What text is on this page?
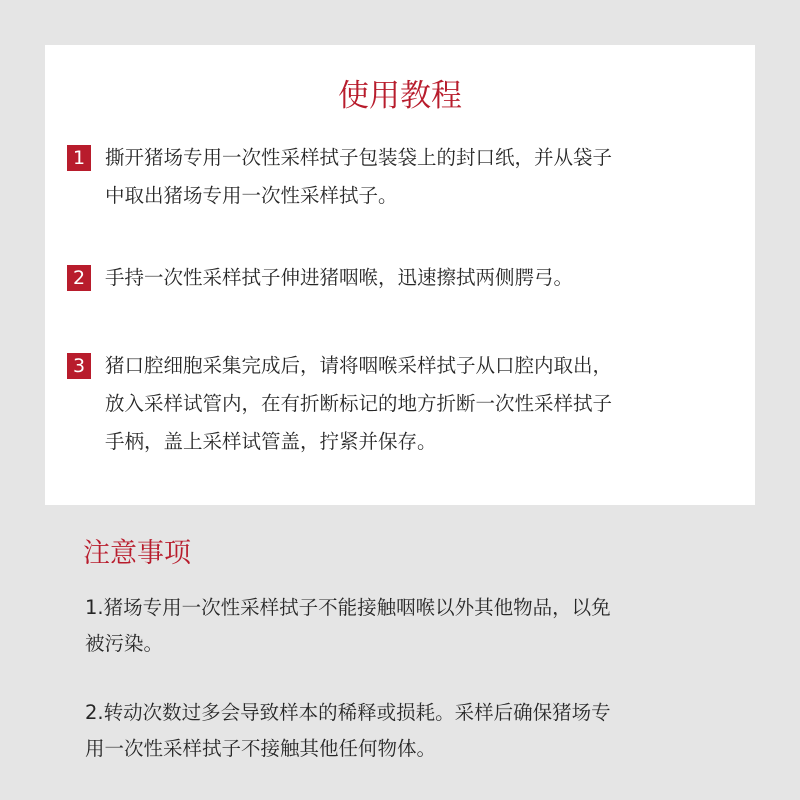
使用教程
1	撕开猪场专用一次性采样拭子包装袋上的封口纸，并从袋子
中取出猪场专用一次性采样拭子。
2	手持一次性采样拭子伸进猪咽喉，迅速擦拭两侧腭弓。
3	猪口腔细胞采集完成后，请将咽喉采样拭子从口腔内取出，
放入采样试管内，在有折断标记的地方折断一次性采样拭子
手柄，盖上采样试管盖，拧紧并保存。
注意事项
1.猪场专用一次性采样拭子不能接触咽喉以外其他物品，以免
被污染。
2.转动次数过多会导致样本的稀释或损耗。采样后确保猪场专
用一次性采样拭子不接触其他任何物体。
